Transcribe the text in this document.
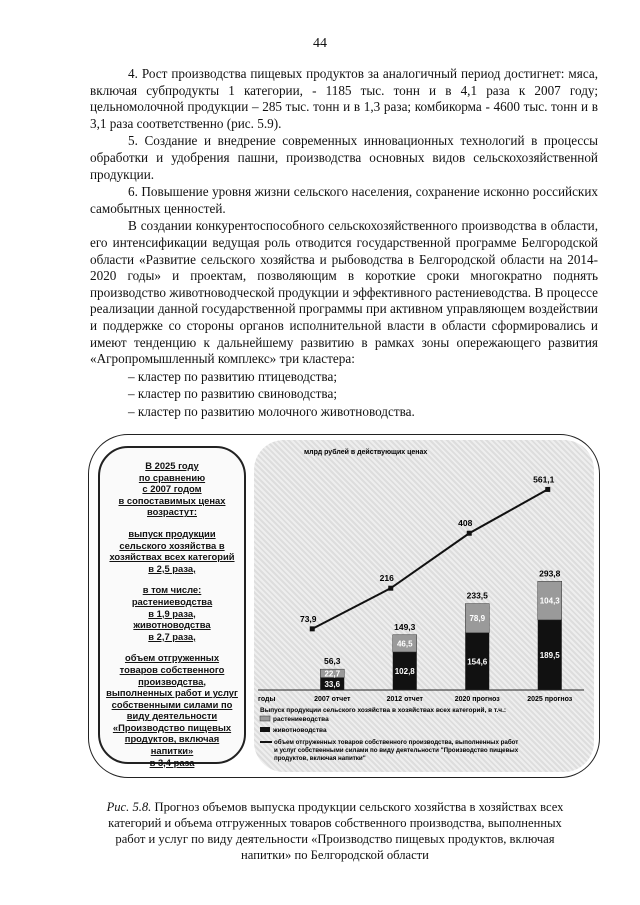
44

4. Рост производства пищевых продуктов за аналогичный период достигнет: мяса, включая субпродукты 1 категории, - 1185 тыс. тонн и в 4,1 раза к 2007 году; цельномолочной продукции – 285 тыс. тонн и в 1,3 раза; комбикорма - 4600 тыс. тонн и в 3,1 раза соответственно (рис. 5.9).

5. Создание и внедрение современных инновационных технологий в процессы обработки и удобрения пашни, производства основных видов сельскохозяйственной продукции.

6. Повышение уровня жизни сельского населения, сохранение исконно российских самобытных ценностей.

В создании конкурентоспособного сельскохозяйственного производства в области, его интенсификации ведущая роль отводится государственной программе Белгородской области «Развитие сельского хозяйства и рыбоводства в Белгородской области на 2014-2020 годы» и проектам, позволяющим в короткие сроки многократно поднять производство животноводческой продукции и эффективного растениеводства. В процессе реализации данной государственной программы при активном управляющем воздействии и поддержке со стороны органов исполнительной власти в области сформировались и имеют тенденцию к дальнейшему развитию в рамках зоны опережающего развития «Агропромышленный комплекс» три кластера:

– кластер по развитию птицеводства;

– кластер по развитию свиноводства;

– кластер по развитию молочного животноводства.

В 2025 году
по сравнению
с 2007 годом
в сопоставимых ценах
возрастут:
выпуск продукции
сельского хозяйства в
хозяйствах всех категорий
в 2,5 раза,
в том числе:
растениеводства
в 1,9 раза,
животноводства
в 2,7 раза,
объем отгруженных
товаров собственного
производства,
выполненных работ и услуг
собственными силами по
виду деятельности
«Производство пищевых
продуктов, включая
напитки»
в 3,4 раза
млрд рублей в действующих ценах
33,6
22,7
56,3
2007 отчет
102,8
46,5
149,3
2012 отчет
154,6
78,9
233,5
2020 прогноз
189,5
104,3
293,8
2025 прогноз
годы
73,9
216
408
561,1
Выпуск продукции сельского хозяйства в хозяйствах всех категорий, в т.ч.:
растениеводства
животноводства
объем отгруженных товаров собственного производства, выполненных работ и услуг собственными силами по виду деятельности "Производство пищевых продуктов, включая напитки"
Рис. 5.8. Прогноз объемов выпуска продукции сельского хозяйства в хозяйствах всех категорий и объема отгруженных товаров собственного производства, выполненных работ и услуг по виду деятельности «Производство пищевых продуктов, включая напитки» по Белгородской области
